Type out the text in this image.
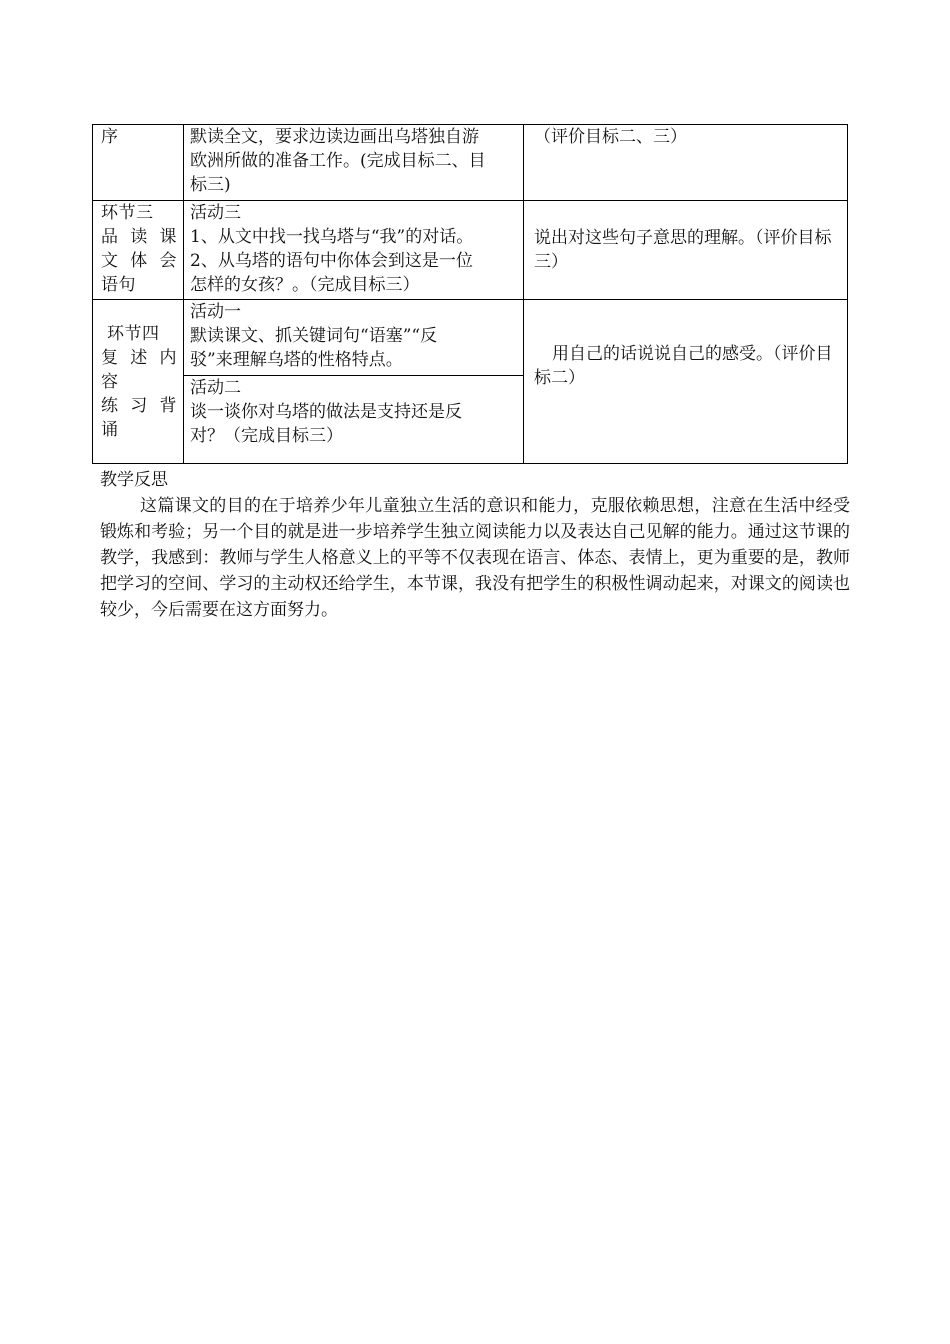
序	默读全文，要求边读边画出乌塔独自游
欧洲所做的准备工作。(完成目标二、目
标三)	（评价目标二、三）

环节三
品读课
文体会
语句	活动三
1、从文中找一找乌塔与“我”的对话。
2、从乌塔的语句中你体会到这是一位
怎样的女孩？。（完成目标三）	说出对这些句子意思的理解。（评价目标三）

环节四
复述内
容
练习背
诵	活动一
默读课文、抓关键词句“语塞”“反
驳”来理解乌塔的性格特点。	用自己的话说说自己的感受。（评价目标二）

	活动二
谈一谈你对乌塔的做法是支持还是反
对？（完成目标三）	
教学反思

这篇课文的目的在于培养少年儿童独立生活的意识和能力，克服依赖思想，注意在生活中经受锻炼和考验；另一个目的就是进一步培养学生独立阅读能力以及表达自己见解的能力。通过这节课的教学，我感到：教师与学生人格意义上的平等不仅表现在语言、体态、表情上，更为重要的是，教师把学习的空间、学习的主动权还给学生，本节课，我没有把学生的积极性调动起来，对课文的阅读也较少，今后需要在这方面努力。
